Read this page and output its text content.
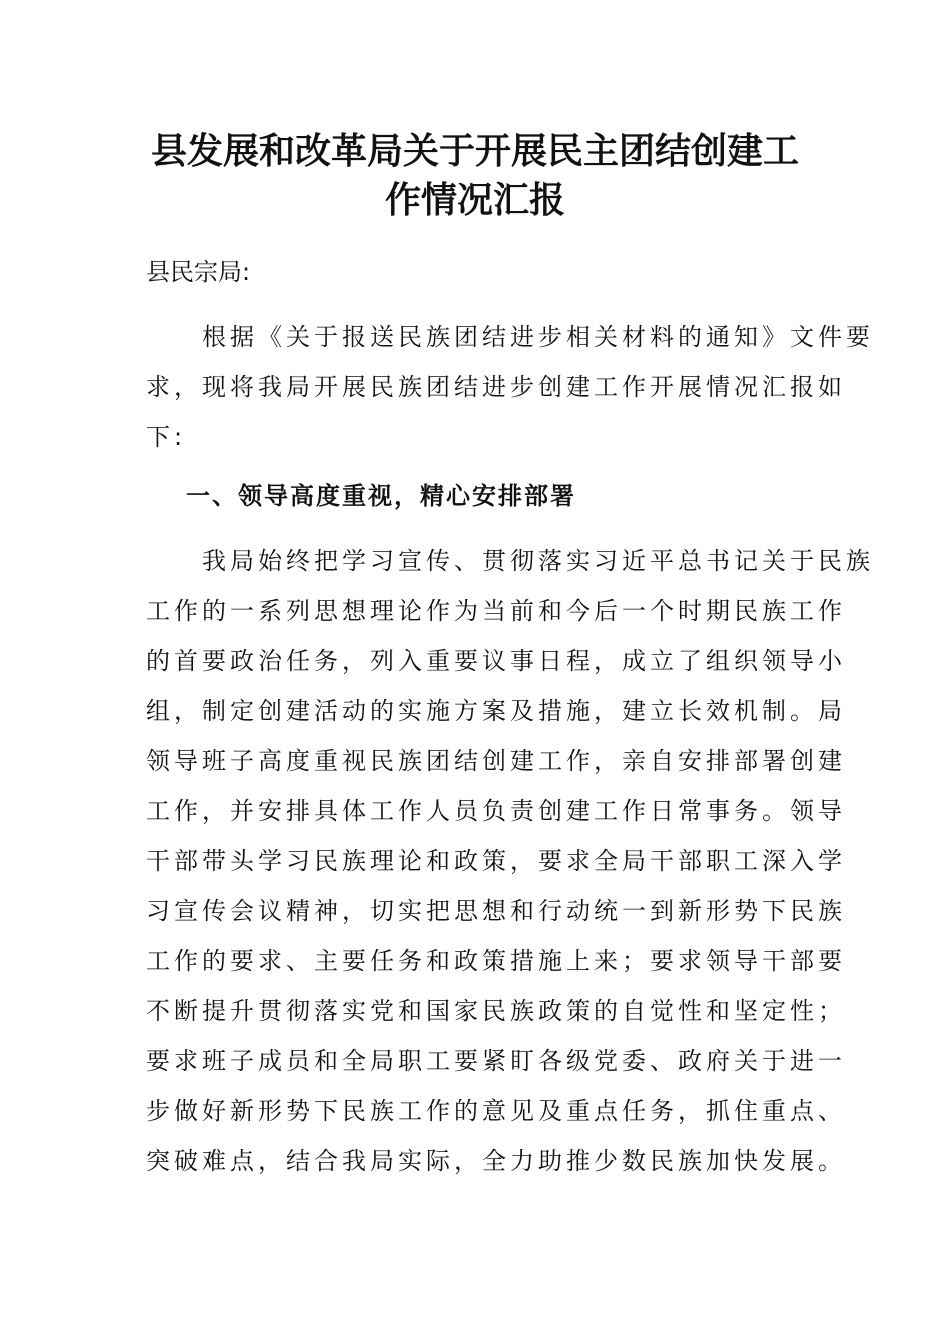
县发展和改革局关于开展民主团结创建工
作情况汇报

县民宗局:

　　根据《关于报送民族团结进步相关材料的通知》文件要
求，现将我局开展民族团结进步创建工作开展情况汇报如
下:
一、领导高度重视，精心安排部署
　　我局始终把学习宣传、贯彻落实习近平总书记关于民族
工作的一系列思想理论作为当前和今后一个时期民族工作
的首要政治任务，列入重要议事日程，成立了组织领导小
组，制定创建活动的实施方案及措施，建立长效机制。局
领导班子高度重视民族团结创建工作，亲自安排部署创建
工作，并安排具体工作人员负责创建工作日常事务。领导
干部带头学习民族理论和政策，要求全局干部职工深入学
习宣传会议精神，切实把思想和行动统一到新形势下民族
工作的要求、主要任务和政策措施上来；要求领导干部要
不断提升贯彻落实党和国家民族政策的自觉性和坚定性；
要求班子成员和全局职工要紧盯各级党委、政府关于进一
步做好新形势下民族工作的意见及重点任务，抓住重点、
突破难点，结合我局实际，全力助推少数民族加快发展。
